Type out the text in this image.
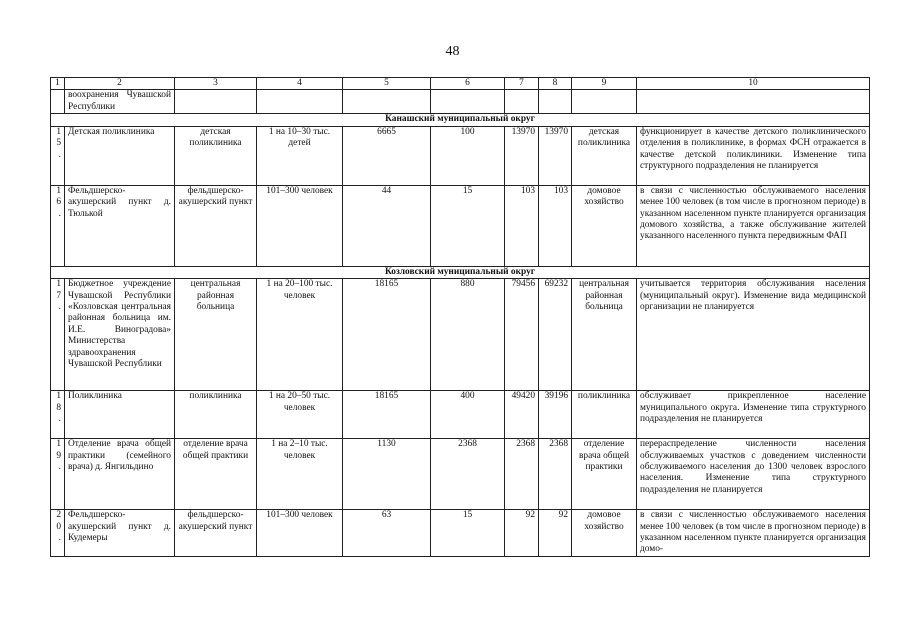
48
1	2	3	4	5	6	7	8	9	10
	воохранения Чувашской Республики								
Канашский муниципальный округ									
15.	Детская поликлиника	детская поликлиника	1 на 10–30 тыс. детей	6665	100	13970	13970	детская поликлиника	функционирует в качестве детского поликлинического отделения в поликлинике, в формах ФСН отражается в качестве детской поликлиники. Изменение типа структурного подразделения не планируется
16.	Фельдшерско-акушерский пункт д. Тюлькой	фельдшерско-акушерский пункт	101–300 человек	44	15	103	103	домовое хозяйство	в связи с численностью обслуживаемого населения менее 100 человек (в том числе в прогнозном периоде) в указанном населенном пункте планируется организация домового хозяйства, а также обслуживание жителей указанного населенного пункта передвижным ФАП
Козловский муниципальный округ									
17.	Бюджетное учреждение Чувашской Республики «Козловская центральная районная больница им. И.Е. Виноградова» Министерства здравоохранения Чувашской Республики	центральная районная больница	1 на 20–100 тыс. человек	18165	880	79456	69232	центральная районная больница	учитывается территория обслуживания населения (муниципальный округ). Изменение вида медицинской организации не планируется
18.	Поликлиника	поликлиника	1 на 20–50 тыс. человек	18165	400	49420	39196	поликлиника	обслуживает прикрепленное население муниципального округа. Изменение типа структурного подразделения не планируется
19.	Отделение врача общей практики (семейного врача) д. Янгильдино	отделение врача общей практики	1 на 2–10 тыс. человек	1130	2368	2368	2368	отделение врача общей практики	перераспределение численности населения обслуживаемых участков с доведением численности обслуживаемого населения до 1300 человек взрослого населения. Изменение типа структурного подразделения не планируется
20.	Фельдшерско-акушерский пункт д. Кудемеры	фельдшерско-акушерский пункт	101–300 человек	63	15	92	92	домовое хозяйство	в связи с численностью обслуживаемого населения менее 100 человек (в том числе в прогнозном периоде) в указанном населенном пункте планируется организация домо-
